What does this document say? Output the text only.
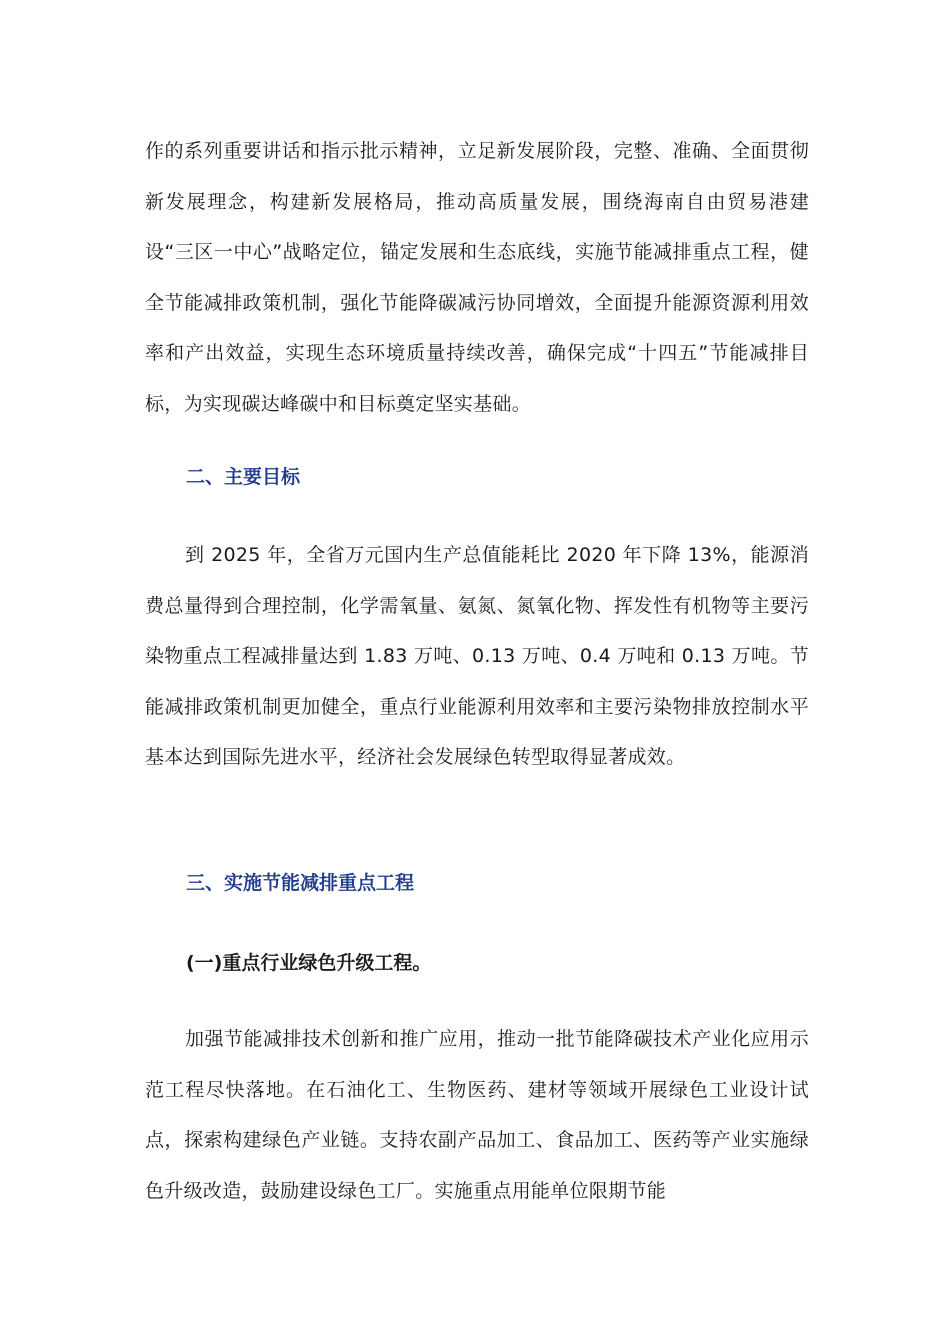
作的系列重要讲话和指示批示精神，立足新发展阶段，完整、准确、全面贯彻新发展理念，构建新发展格局，推动高质量发展，围绕海南自由贸易港建设“三区一中心”战略定位，锚定发展和生态底线，实施节能减排重点工程，健全节能减排政策机制，强化节能降碳减污协同增效，全面提升能源资源利用效率和产出效益，实现生态环境质量持续改善，确保完成“十四五”节能减排目标，为实现碳达峰碳中和目标奠定坚实基础。

二、主要目标

到 2025 年，全省万元国内生产总值能耗比 2020 年下降 13%，能源消费总量得到合理控制，化学需氧量、氨氮、氮氧化物、挥发性有机物等主要污染物重点工程减排量达到 1.83 万吨、0.13 万吨、0.4 万吨和 0.13 万吨。节能减排政策机制更加健全，重点行业能源利用效率和主要污染物排放控制水平基本达到国际先进水平，经济社会发展绿色转型取得显著成效。

三、实施节能减排重点工程
(一)重点行业绿色升级工程。

加强节能减排技术创新和推广应用，推动一批节能降碳技术产业化应用示范工程尽快落地。在石油化工、生物医药、建材等领域开展绿色工业设计试点，探索构建绿色产业链。支持农副产品加工、食品加工、医药等产业实施绿色升级改造，鼓励建设绿色工厂。实施重点用能单位限期节能
